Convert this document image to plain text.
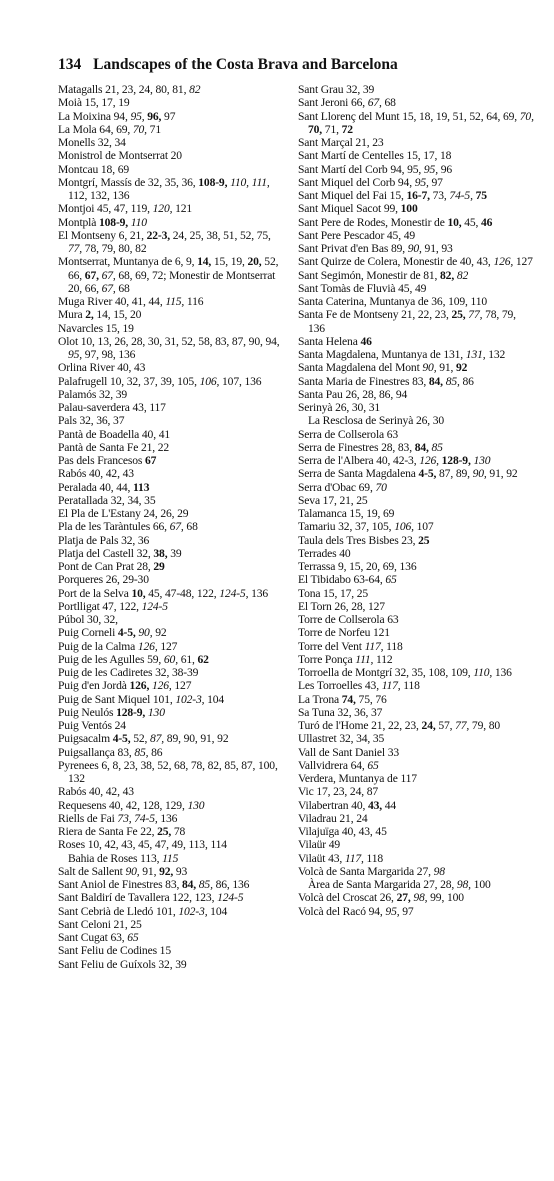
134 Landscapes of the Costa Brava and Barcelona
Matagalls 21, 23, 24, 80, 81, 82
Moià 15, 17, 19
La Moixina 94, 95, 96, 97
La Mola 64, 69, 70, 71
Monells 32, 34
Monistrol de Montserrat 20
Montcau 18, 69
Montgrí, Massís de 32, 35, 36, 108-9, 110, 111, 112, 132, 136
Montjoi 45, 47, 119, 120, 121
Montplà 108-9, 110
El Montseny 6, 21, 22-3, 24, 25, 38, 51, 52, 75, 77, 78, 79, 80, 82
Montserrat, Muntanya de 6, 9, 14, 15, 19, 20, 52, 66, 67, 67, 68, 69, 72; Monestir de Montserrat 20, 66, 67, 68
Muga River 40, 41, 44, 115, 116
Mura 2, 14, 15, 20
Navarcles 15, 19
Olot 10, 13, 26, 28, 30, 31, 52, 58, 83, 87, 90, 94, 95, 97, 98, 136
Orlina River 40, 43
Palafrugell 10, 32, 37, 39, 105, 106, 107, 136
Palamós 32, 39
Palau-saverdera 43, 117
Pals 32, 36, 37
Pantà de Boadella 40, 41
Pantà de Santa Fe 21, 22
Pas dels Francesos 67
Rabós 40, 42, 43
Peralada 40, 44, 113
Peratallada 32, 34, 35
El Pla de L'Estany 24, 26, 29
Pla de les Taràntules 66, 67, 68
Platja de Pals 32, 36
Platja del Castell 32, 38, 39
Pont de Can Prat 28, 29
Porqueres 26, 29-30
Port de la Selva 10, 45, 47-48, 122, 124-5, 136
Portlligat 47, 122, 124-5
Púbol 30, 32,
Puig Corneli 4-5, 90, 92
Puig de la Calma 126, 127
Puig de les Agulles 59, 60, 61, 62
Puig de les Cadiretes 32, 38-39
Puig d'en Jordà 126, 126, 127
Puig de Sant Miquel 101, 102-3, 104
Puig Neulós 128-9, 130
Puig Ventós 24
Puigsacalm 4-5, 52, 87, 89, 90, 91, 92
Puigsallança 83, 85, 86
Pyrenees 6, 8, 23, 38, 52, 68, 78, 82, 85, 87, 100, 132
Rabós 40, 42, 43
Requesens 40, 42, 128, 129, 130
Riells de Fai 73, 74-5, 136
Riera de Santa Fe 22, 25, 78
Roses 10, 42, 43, 45, 47, 49, 113, 114
Bahia de Roses 113, 115
Salt de Sallent 90, 91, 92, 93
Sant Aniol de Finestres 83, 84, 85, 86, 136
Sant Baldirí de Tavallera 122, 123, 124-5
Sant Cebrià de Lledó 101, 102-3, 104
Sant Celoni 21, 25
Sant Cugat 63, 65
Sant Feliu de Codines 15
Sant Feliu de Guíxols 32, 39
Sant Grau 32, 39
Sant Jeroni 66, 67, 68
Sant Llorenç del Munt 15, 18, 19, 51, 52, 64, 69, 70, 70, 71, 72
Sant Marçal 21, 23
Sant Martí de Centelles 15, 17, 18
Sant Martí del Corb 94, 95, 95, 96
Sant Miquel del Corb 94, 95, 97
Sant Miquel del Fai 15, 16-7, 73, 74-5, 75
Sant Miquel Sacot 99, 100
Sant Pere de Rodes, Monestir de 10, 45, 46
Sant Pere Pescador 45, 49
Sant Privat d'en Bas 89, 90, 91, 93
Sant Quirze de Colera, Monestir de 40, 43, 126, 127
Sant Segimón, Monestir de 81, 82, 82
Sant Tomàs de Fluvià 45, 49
Santa Caterina, Muntanya de 36, 109, 110
Santa Fe de Montseny 21, 22, 23, 25, 77, 78, 79, 136
Santa Helena 46
Santa Magdalena, Muntanya de 131, 131, 132
Santa Magdalena del Mont 90, 91, 92
Santa Maria de Finestres 83, 84, 85, 86
Santa Pau 26, 28, 86, 94
Serinyà 26, 30, 31
La Resclosa de Serinyà 26, 30
Serra de Collserola 63
Serra de Finestres 28, 83, 84, 85
Serra de l'Albera 40, 42-3, 126, 128-9, 130
Serra de Santa Magdalena 4-5, 87, 89, 90, 91, 92
Serra d'Obac 69, 70
Seva 17, 21, 25
Talamanca 15, 19, 69
Tamariu 32, 37, 105, 106, 107
Taula dels Tres Bisbes 23, 25
Terrades 40
Terrassa 9, 15, 20, 69, 136
El Tibidabo 63-64, 65
Tona 15, 17, 25
El Torn 26, 28, 127
Torre de Collserola 63
Torre de Norfeu 121
Torre del Vent 117, 118
Torre Ponça 111, 112
Torroella de Montgrí 32, 35, 108, 109, 110, 136
Les Torroelles 43, 117, 118
La Trona 74, 75, 76
Sa Tuna 32, 36, 37
Turó de l'Home 21, 22, 23, 24, 57, 77, 79, 80
Ullastret 32, 34, 35
Vall de Sant Daniel 33
Vallvidrera 64, 65
Verdera, Muntanya de 117
Vic 17, 23, 24, 87
Vilabertran 40, 43, 44
Viladrau 21, 24
Vilajuïga 40, 43, 45
Vilaür 49
Vilaüt 43, 117, 118
Volcà de Santa Margarida 27, 98
Àrea de Santa Margarida 27, 28, 98, 100
Volcà del Croscat 26, 27, 98, 99, 100
Volcà del Racó 94, 95, 97
